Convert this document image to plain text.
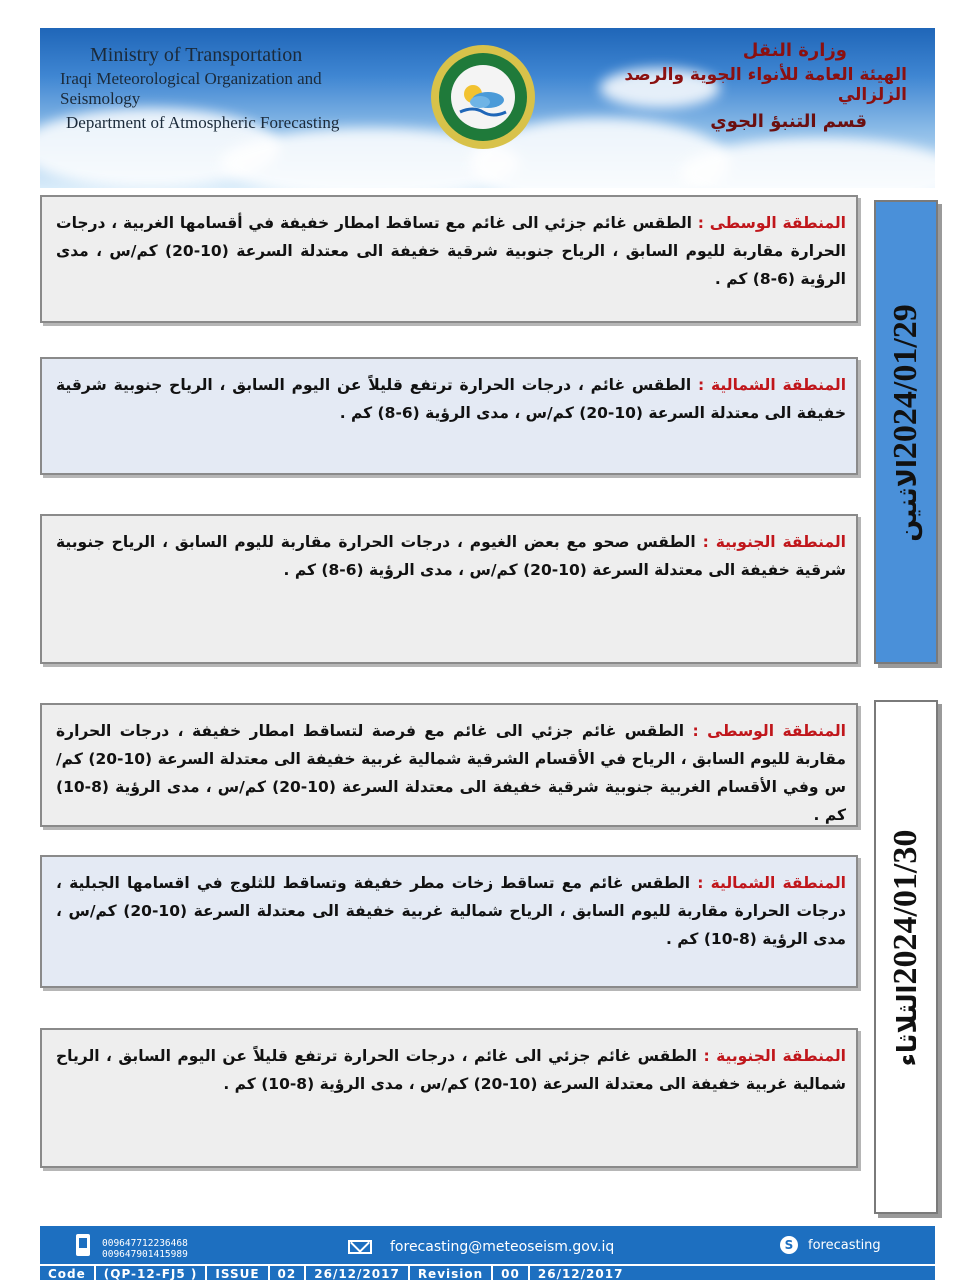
Ministry of Transportation
Iraqi Meteorological Organization and Seismology
Department of Atmospheric Forecasting
وزارة النقل
الهيئة العامة للأنواء الجوية والرصد الزلزالي
قسم التنبؤ الجوي
2024/01/29الاثنين
المنطقة الوسطى : الطقس غائم جزئي الى غائم مع تساقط امطار خفيفة في أقسامها الغربية ، درجات الحرارة مقاربة لليوم السابق ، الرياح جنوبية شرقية خفيفة الى معتدلة السرعة (10-20) كم/س ، مدى الرؤية (6-8) كم .
المنطقة الشمالية : الطقس غائم ، درجات الحرارة ترتفع قليلاً عن اليوم السابق ، الرياح جنوبية شرقية خفيفة الى معتدلة السرعة (10-20) كم/س ، مدى الرؤية (6-8) كم .
المنطقة الجنوبية : الطقس صحو مع بعض الغيوم ، درجات الحرارة مقاربة لليوم السابق ، الرياح جنوبية شرقية خفيفة الى معتدلة السرعة (10-20) كم/س ، مدى الرؤية (6-8) كم .
2024/01/30الثلاثاء
المنطقة الوسطى : الطقس غائم جزئي الى غائم مع فرصة لتساقط امطار خفيفة ، درجات الحرارة مقاربة لليوم السابق ، الرياح في الأقسام الشرقية شمالية غربية خفيفة الى معتدلة السرعة (10-20) كم/س وفي الأقسام الغربية جنوبية شرقية خفيفة الى معتدلة السرعة (10-20) كم/س ، مدى الرؤية (8-10) كم .
المنطقة الشمالية : الطقس غائم مع تساقط زخات مطر خفيفة وتساقط للثلوج في اقسامها الجبلية ، درجات الحرارة مقاربة لليوم السابق ، الرياح شمالية غربية خفيفة الى معتدلة السرعة (10-20) كم/س ، مدى الرؤية (8-10) كم .
المنطقة الجنوبية : الطقس غائم جزئي الى غائم ، درجات الحرارة ترتفع قليلاً عن اليوم السابق ، الرياح شمالية غربية خفيفة الى معتدلة السرعة (10-20) كم/س ، مدى الرؤية (8-10) كم .
009647712236468
009647901415989	forecasting@meteoseism.gov.iq	S	forecasting
Code	(QP-12-FJ5 )	ISSUE	02	26/12/2017	Revision	00	26/12/2017
